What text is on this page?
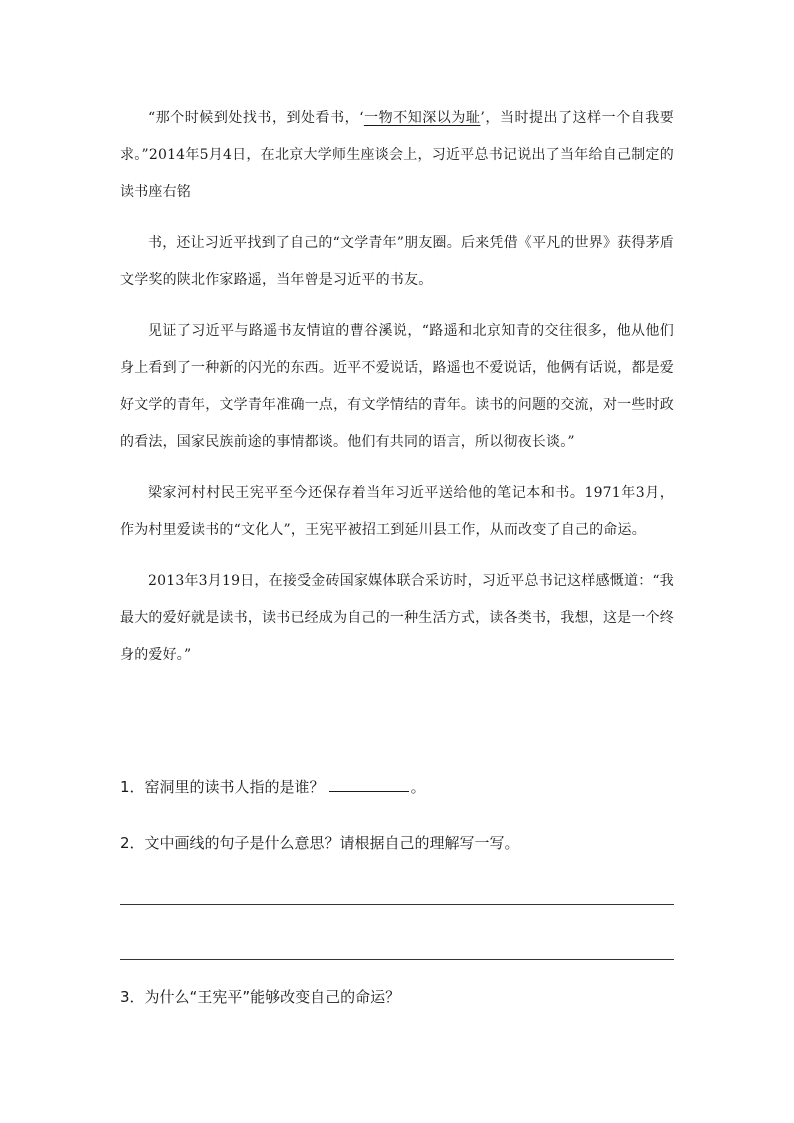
“那个时候到处找书，到处看书，‘一物不知深以为耻’，当时提出了这样一个自我要求。”2014年5月4日，在北京大学师生座谈会上，习近平总书记说出了当年给自己制定的读书座右铭

书，还让习近平找到了自己的“文学青年”朋友圈。后来凭借《平凡的世界》获得茅盾文学奖的陕北作家路遥，当年曾是习近平的书友。

见证了习近平与路遥书友情谊的曹谷溪说，“路遥和北京知青的交往很多，他从他们身上看到了一种新的闪光的东西。近平不爱说话，路遥也不爱说话，他俩有话说，都是爱好文学的青年，文学青年准确一点，有文学情结的青年。读书的问题的交流，对一些时政的看法，国家民族前途的事情都谈。他们有共同的语言，所以彻夜长谈。”

梁家河村村民王宪平至今还保存着当年习近平送给他的笔记本和书。1971年3月，作为村里爱读书的“文化人”，王宪平被招工到延川县工作，从而改变了自己的命运。

2013年3月19日，在接受金砖国家媒体联合采访时，习近平总书记这样感慨道：“我最大的爱好就是读书，读书已经成为自己的一种生活方式，读各类书，我想，这是一个终身的爱好。”

1．窑洞里的读书人指的是谁？	。

2．文中画线的句子是什么意思？请根据自己的理解写一写。

3．为什么“王宪平”能够改变自己的命运？
